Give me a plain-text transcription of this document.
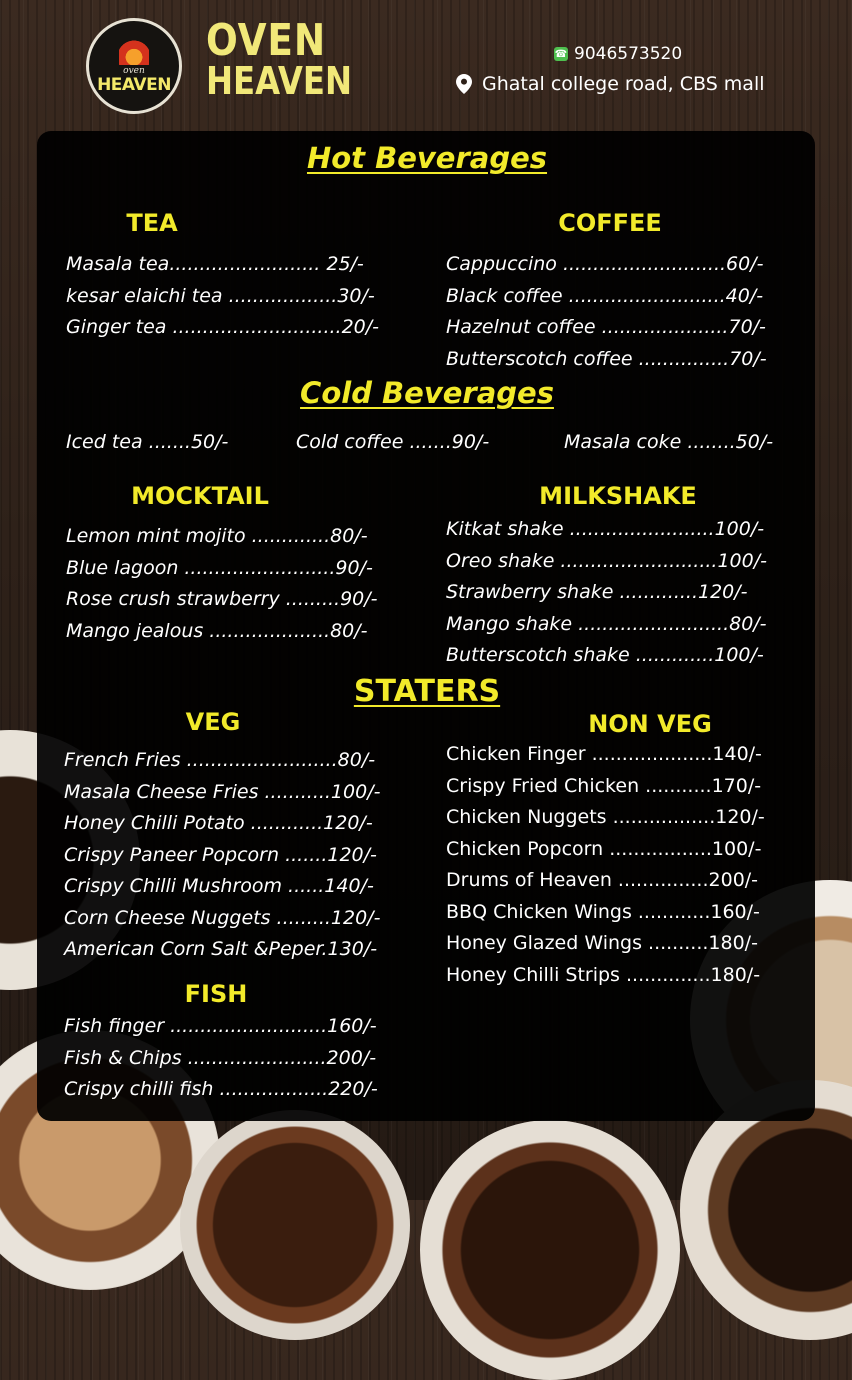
oven
HEAVEN
OVEN
HEAVEN
☎ 9046573520
Ghatal college road, CBS mall
Hot Beverages
TEA
Masala tea......................... 25/-
kesar elaichi tea ..................30/-
Ginger tea ............................20/-
COFFEE
Cappuccino ...........................60/-
Black coffee ..........................40/-
Hazelnut coffee .....................70/-
Butterscotch coffee ...............70/-
Cold Beverages
Iced tea .......50/-	Cold coffee .......90/-	Masala coke ........50/-
MOCKTAIL
Lemon mint mojito .............80/-
Blue lagoon .........................90/-
Rose crush strawberry .........90/-
Mango jealous ....................80/-
MILKSHAKE
Kitkat shake ........................100/-
Oreo shake ..........................100/-
Strawberry shake .............120/-
Mango shake .........................80/-
Butterscotch shake .............100/-
STATERS
VEG
French Fries .........................80/-
Masala Cheese Fries ...........100/-
Honey Chilli Potato ............120/-
Crispy Paneer Popcorn .......120/-
Crispy Chilli Mushroom ......140/-
Corn Cheese Nuggets .........120/-
American Corn Salt &Peper.130/-
NON VEG
Chicken Finger ....................140/-
Crispy Fried Chicken ...........170/-
Chicken Nuggets .................120/-
Chicken Popcorn .................100/-
Drums of Heaven ...............200/-
BBQ Chicken Wings ............160/-
Honey Glazed Wings ..........180/-
Honey Chilli Strips ..............180/-
FISH
Fish finger ..........................160/-
Fish & Chips .......................200/-
Crispy chilli fish ..................220/-
